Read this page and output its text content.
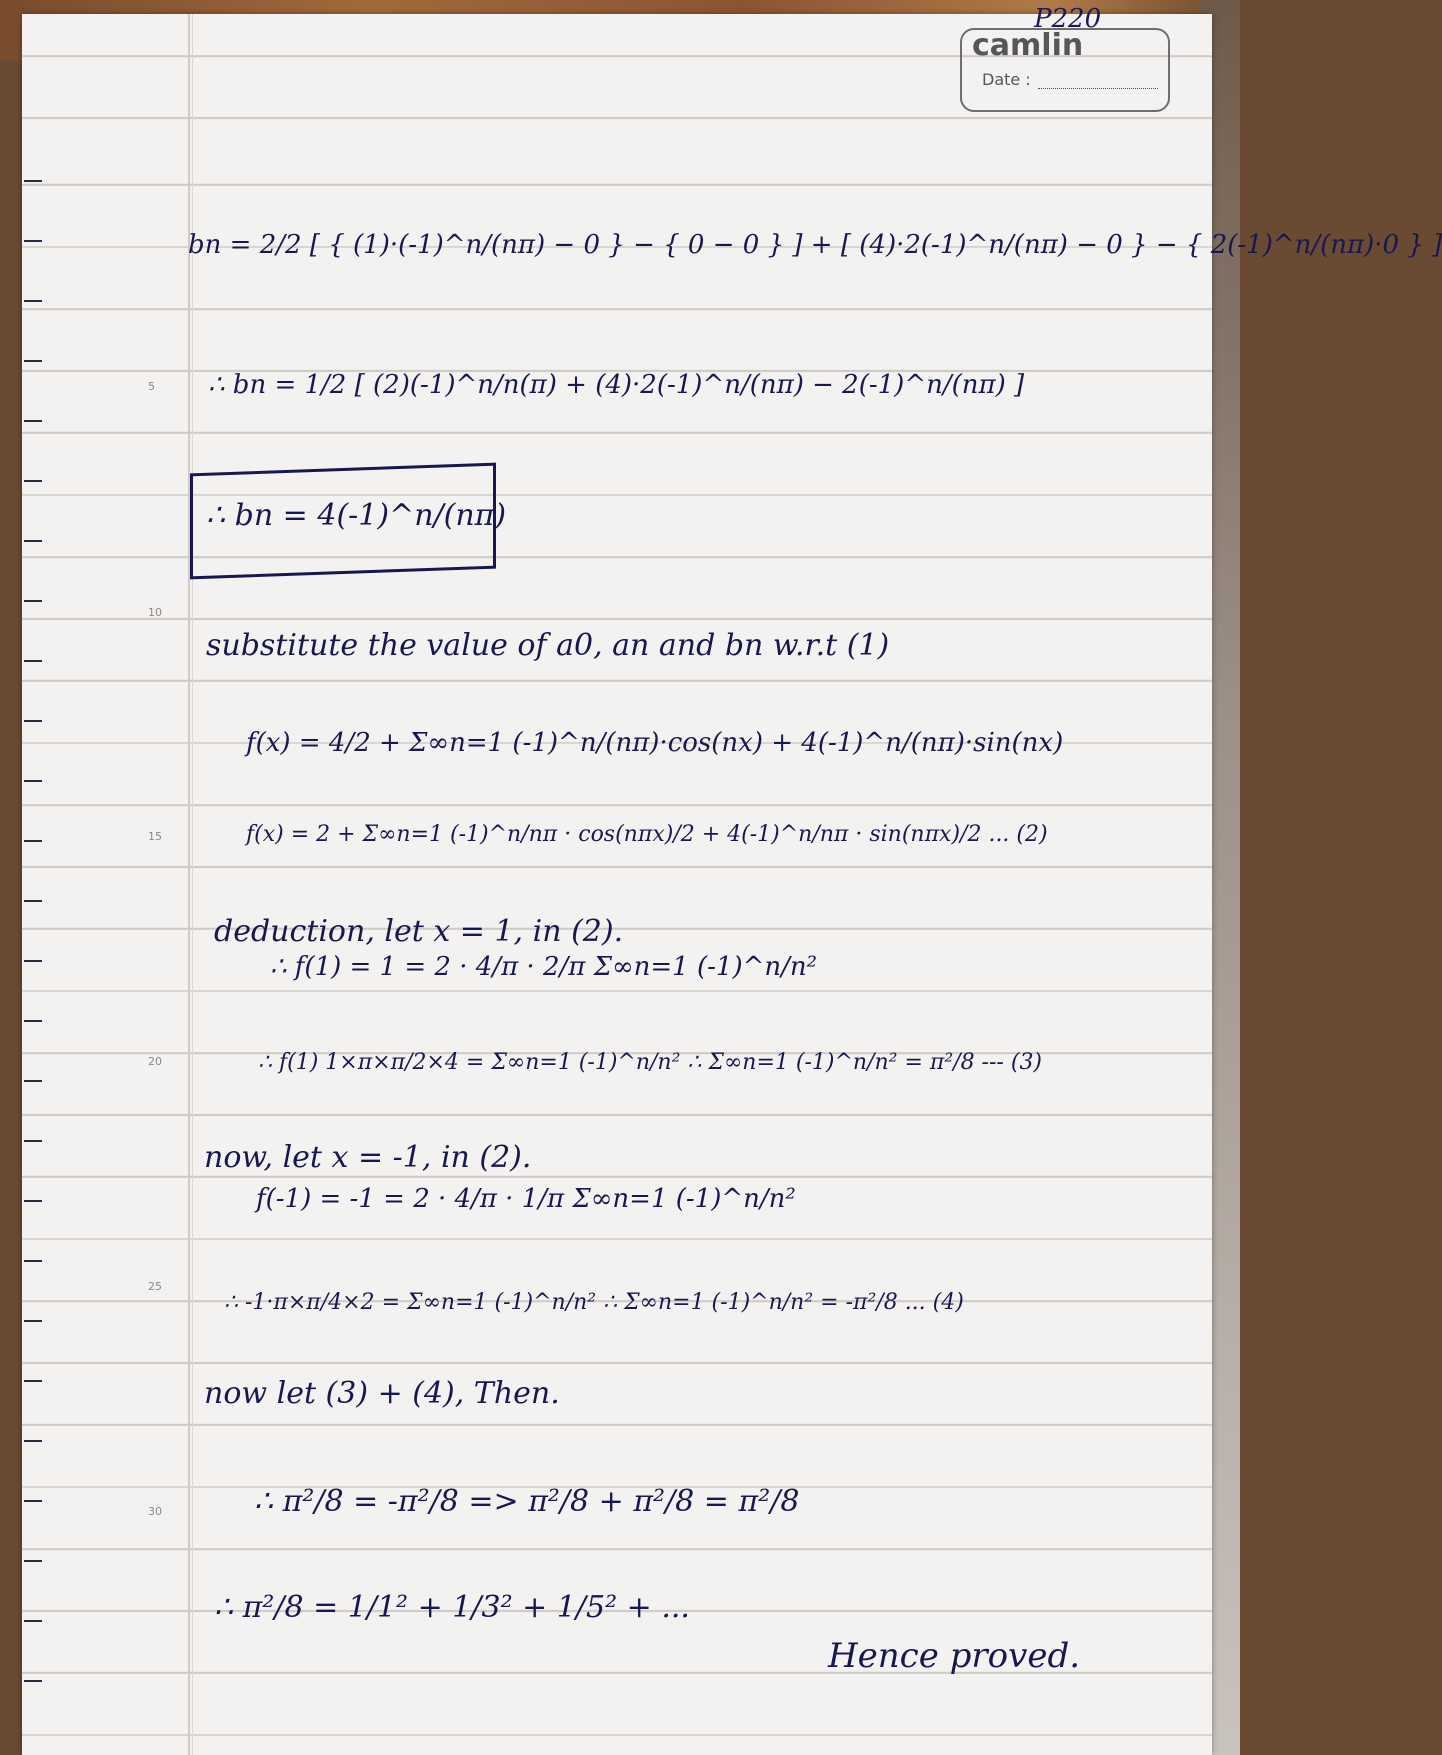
camlin
Date :
P220
5
10
15
20
25
30
bn = 2/2 [ { (1)·(-1)^n/(nπ) − 0 } − { 0 − 0 } ] + [ (4)·2(-1)^n/(nπ) − 0 } − { 2(-1)^n/(nπ)·0 } ]
∴ bn = 1/2 [ (2)(-1)^n/n(π) + (4)·2(-1)^n/(nπ) − 2(-1)^n/(nπ) ]
∴ bn = 4(-1)^n/(nπ)
substitute the value of a0, an and bn w.r.t (1)
f(x) = 4/2 + Σ∞n=1 (-1)^n/(nπ)·cos(nx) + 4(-1)^n/(nπ)·sin(nx)
f(x) = 2 + Σ∞n=1 (-1)^n/nπ · cos(nπx)/2 + 4(-1)^n/nπ · sin(nπx)/2 ... (2)
deduction, let x = 1, in (2).
∴ f(1) = 1 = 2 · 4/π · 2/π Σ∞n=1 (-1)^n/n²
∴ f(1) 1×π×π/2×4 = Σ∞n=1 (-1)^n/n² ∴ Σ∞n=1 (-1)^n/n² = π²/8 --- (3)
now, let x = -1, in (2).
f(-1) = -1 = 2 · 4/π · 1/π Σ∞n=1 (-1)^n/n²
∴ -1·π×π/4×2 = Σ∞n=1 (-1)^n/n² ∴ Σ∞n=1 (-1)^n/n² = -π²/8 ... (4)
now let (3) + (4), Then.
∴ π²/8 = -π²/8 => π²/8 + π²/8 = π²/8
∴ π²/8 = 1/1² + 1/3² + 1/5² + ...
Hence proved.
